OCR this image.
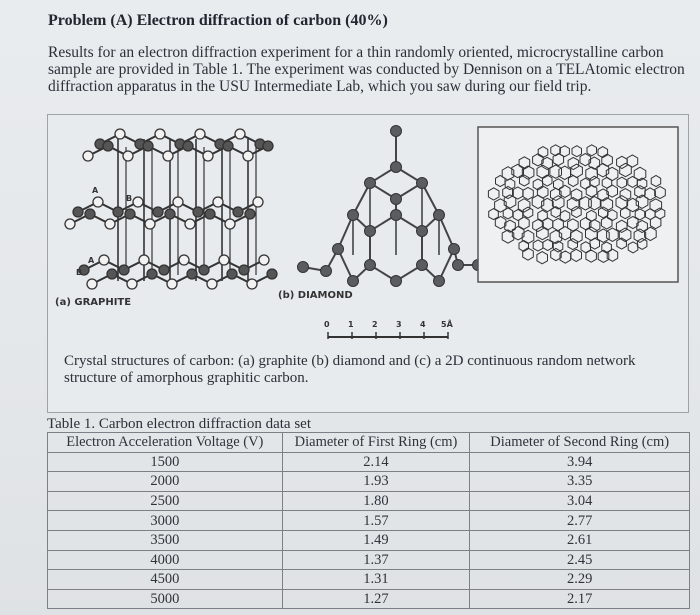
Problem (A) Electron diffraction of carbon (40%)
Results for an electron diffraction experiment for a thin randomly oriented, microcrystalline carbon sample are provided in Table 1. The experiment was conducted by Dennison on a TELAtomic electron diffraction apparatus in the USU Intermediate Lab, which you saw during our field trip.
A
B
A
B
(a) GRAPHITE
(b) DIAMOND
0 1 2 3 4 5Å
Crystal structures of carbon: (a) graphite (b) diamond and (c) a 2D continuous random network structure of amorphous graphitic carbon.
Table 1. Carbon electron diffraction data set
Electron Acceleration Voltage (V)	Diameter of First Ring (cm)	Diameter of Second Ring (cm)
1500	2.14	3.94
2000	1.93	3.35
2500	1.80	3.04
3000	1.57	2.77
3500	1.49	2.61
4000	1.37	2.45
4500	1.31	2.29
5000	1.27	2.17
